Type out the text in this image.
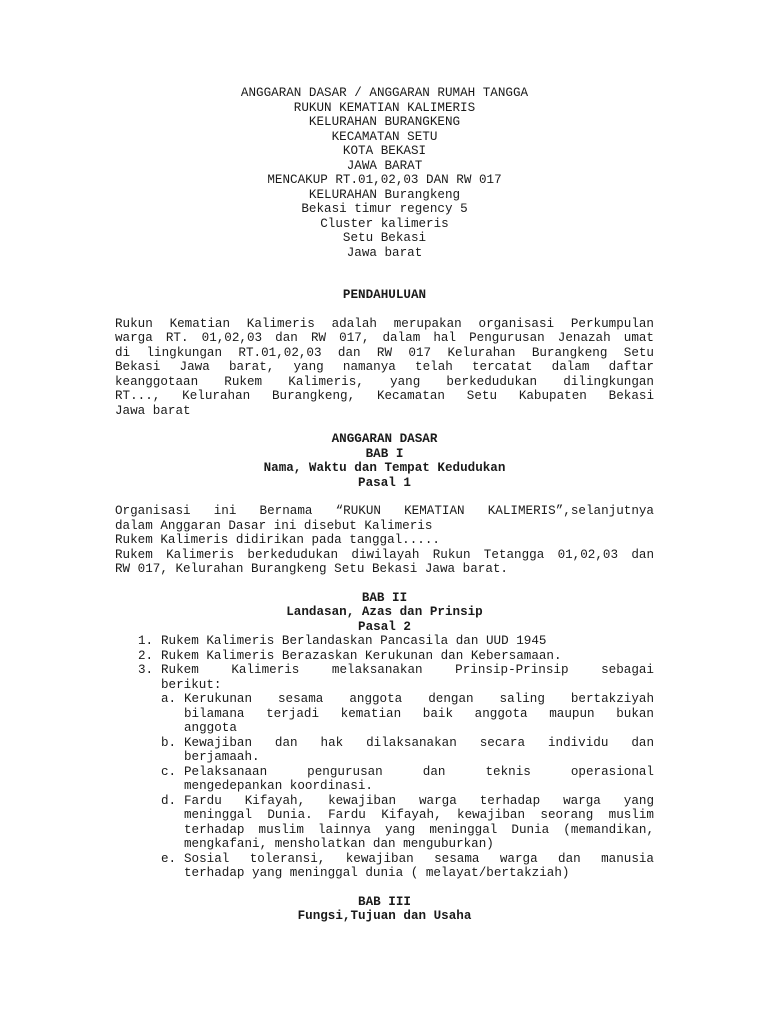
ANGGARAN DASAR / ANGGARAN RUMAH TANGGA
RUKUN KEMATIAN KALIMERIS
KELURAHAN BURANGKENG
KECAMATAN SETU
KOTA BEKASI
JAWA BARAT
MENCAKUP RT.01,02,03 DAN RW 017
KELURAHAN Burangkeng
Bekasi timur regency 5
Cluster kalimeris
Setu Bekasi
Jawa barat
PENDAHULUAN
Rukun Kematian Kalimeris adalah merupakan organisasi Perkumpulan
warga RT. 01,02,03 dan RW 017, dalam hal Pengurusan Jenazah umat
di lingkungan RT.01,02,03 dan RW 017 Kelurahan Burangkeng Setu
Bekasi Jawa barat, yang namanya telah tercatat dalam daftar
keanggotaan Rukem Kalimeris, yang berkedudukan dilingkungan
RT..., Kelurahan Burangkeng, Kecamatan Setu Kabupaten Bekasi
Jawa barat
ANGGARAN DASAR
BAB I
Nama, Waktu dan Tempat Kedudukan
Pasal 1
Organisasi ini Bernama “RUKUN KEMATIAN KALIMERIS”,selanjutnya
dalam Anggaran Dasar ini disebut Kalimeris
Rukem Kalimeris didirikan pada tanggal.....
Rukem Kalimeris berkedudukan diwilayah Rukun Tetangga 01,02,03 dan
RW 017, Kelurahan Burangkeng Setu Bekasi Jawa barat.
BAB II
Landasan, Azas dan Prinsip
Pasal 2
1. Rukem Kalimeris Berlandaskan Pancasila dan UUD 1945
2. Rukem Kalimeris Berazaskan Kerukunan dan Kebersamaan.
3. Rukem Kalimeris melaksanakan Prinsip-Prinsip sebagai
berikut:
a. Kerukunan sesama anggota dengan saling bertakziyah
bilamana terjadi kematian baik anggota maupun bukan
anggota
b. Kewajiban dan hak dilaksanakan secara individu dan
berjamaah.
c. Pelaksanaan pengurusan dan teknis operasional
mengedepankan koordinasi.
d. Fardu Kifayah, kewajiban warga terhadap warga yang
meninggal Dunia. Fardu Kifayah, kewajiban seorang muslim
terhadap muslim lainnya yang meninggal Dunia (memandikan,
mengkafani, mensholatkan dan menguburkan)
e. Sosial toleransi, kewajiban sesama warga dan manusia
terhadap yang meninggal dunia ( melayat/bertakziah)
BAB III
Fungsi,Tujuan dan Usaha
